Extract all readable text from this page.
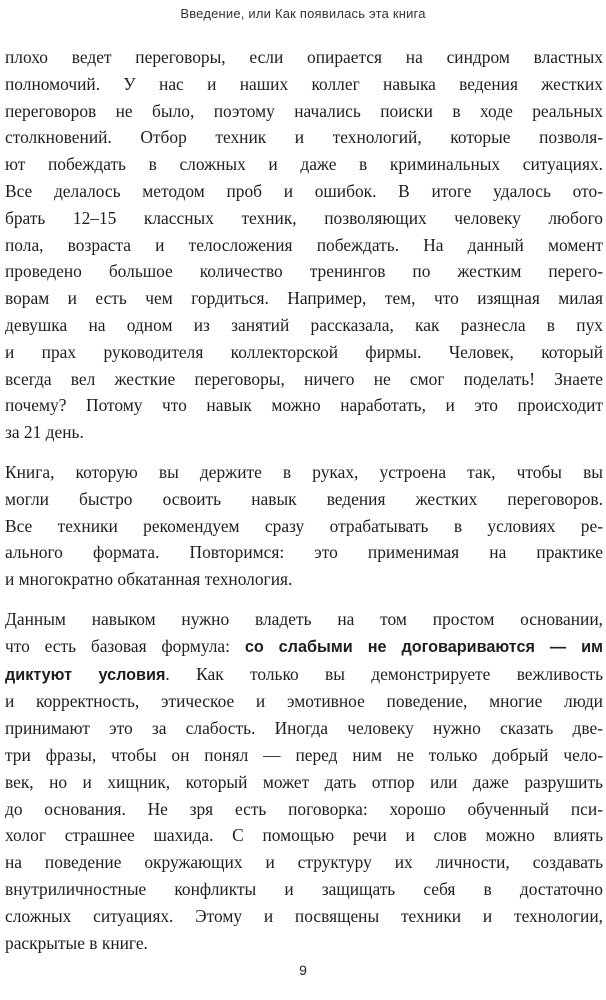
Введение, или Как появилась эта книга

плохо ведет переговоры, если опирается на синдром властных
полномочий. У нас и наших коллег навыка ведения жестких
переговоров не было, поэтому начались поиски в ходе реальных
столкновений. Отбор техник и технологий, которые позволя-
ют побеждать в сложных и даже в криминальных ситуациях.
Все делалось методом проб и ошибок. В итоге удалось ото-
брать 12–15 классных техник, позволяющих человеку любого
пола, возраста и телосложения побеждать. На данный момент
проведено большое количество тренингов по жестким перего-
ворам и есть чем гордиться. Например, тем, что изящная милая
девушка на одном из занятий рассказала, как разнесла в пух
и прах руководителя коллекторской фирмы. Человек, который
всегда вел жесткие переговоры, ничего не смог поделать! Знаете
почему? Потому что навык можно наработать, и это происходит
за 21 день.

Книга, которую вы держите в руках, устроена так, чтобы вы
могли быстро освоить навык ведения жестких переговоров.
Все техники рекомендуем сразу отрабатывать в условиях ре-
ального формата. Повторимся: это применимая на практике
и многократно обкатанная технология.

Данным навыком нужно владеть на том простом основании,
что есть базовая формула: со слабыми не договариваются — им
диктуют условия. Как только вы демонстрируете вежливость
и корректность, этическое и эмотивное поведение, многие люди
принимают это за слабость. Иногда человеку нужно сказать две-
три фразы, чтобы он понял — перед ним не только добрый чело-
век, но и хищник, который может дать отпор или даже разрушить
до основания. Не зря есть поговорка: хорошо обученный пси-
холог страшнее шахида. С помощью речи и слов можно влиять
на поведение окружающих и структуру их личности, создавать
внутриличностные конфликты и защищать себя в достаточно
сложных ситуациях. Этому и посвящены техники и технологии,
раскрытые в книге.

9
